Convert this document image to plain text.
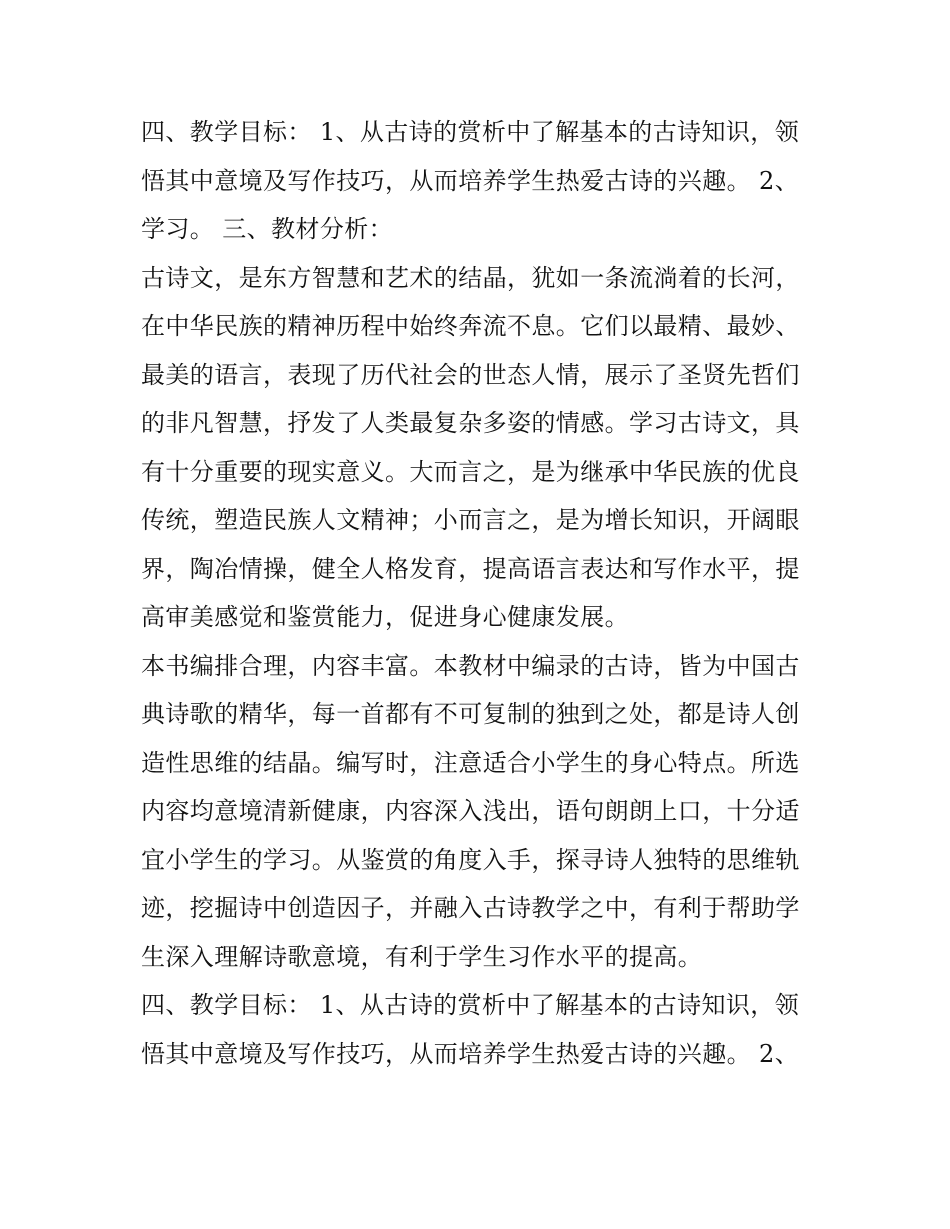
四、教学目标： 1、从古诗的赏析中了解基本的古诗知识，领
悟其中意境及写作技巧，从而培养学生热爱古诗的兴趣。 2、
学习。 三、教材分析：
古诗文，是东方智慧和艺术的结晶，犹如一条流淌着的长河，
在中华民族的精神历程中始终奔流不息。它们以最精、最妙、
最美的语言，表现了历代社会的世态人情，展示了圣贤先哲们
的非凡智慧，抒发了人类最复杂多姿的情感。学习古诗文，具
有十分重要的现实意义。大而言之，是为继承中华民族的优良
传统，塑造民族人文精神；小而言之，是为增长知识，开阔眼
界，陶冶情操，健全人格发育，提高语言表达和写作水平，提
高审美感觉和鉴赏能力，促进身心健康发展。
本书编排合理，内容丰富。本教材中编录的古诗，皆为中国古
典诗歌的精华，每一首都有不可复制的独到之处，都是诗人创
造性思维的结晶。编写时，注意适合小学生的身心特点。所选
内容均意境清新健康，内容深入浅出，语句朗朗上口，十分适
宜小学生的学习。从鉴赏的角度入手，探寻诗人独特的思维轨
迹，挖掘诗中创造因子，并融入古诗教学之中，有利于帮助学
生深入理解诗歌意境，有利于学生习作水平的提高。
四、教学目标： 1、从古诗的赏析中了解基本的古诗知识，领
悟其中意境及写作技巧，从而培养学生热爱古诗的兴趣。 2、
